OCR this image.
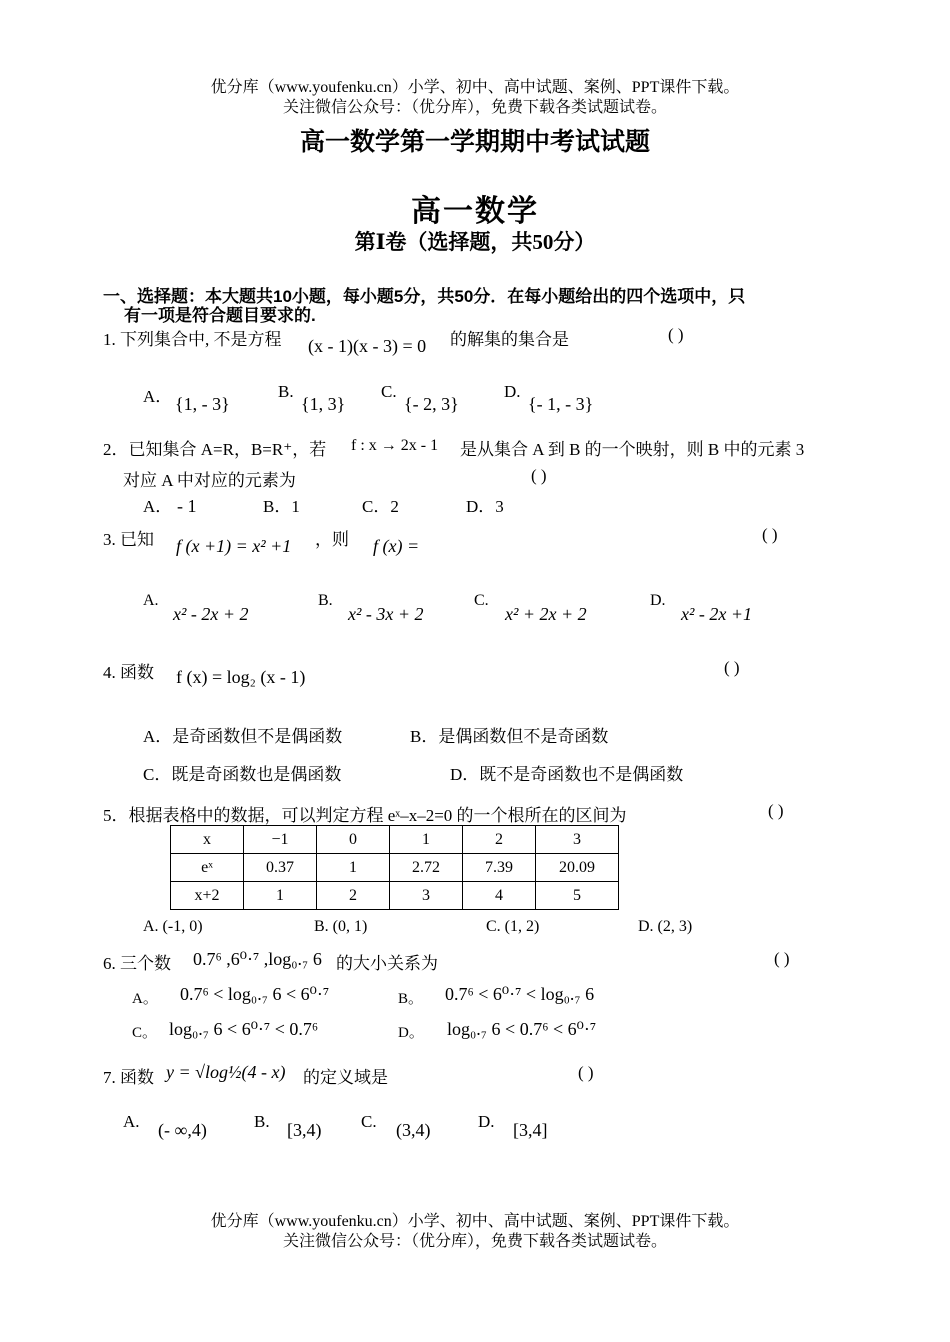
优分库（www.youfenku.cn）小学、初中、高中试题、案例、PPT课件下载。
关注微信公众号：（优分库），免费下载各类试题试卷。
高一数学第一学期期中考试试题
高一数学
第Ⅰ卷（选择题，共50分）
一、选择题：本大题共10小题，每小题5分，共50分．在每小题给出的四个选项中，只
有一项是符合题目要求的.
1. 下列集合中, 不是方程 (x - 1)(x - 3) = 0 的解集的集合是	( )
A． {1, - 3}
B.
{1, 3}
C.
{- 2, 3}
D.
{- 1, - 3}
2．已知集合 A=R，B=R⁺，若 f : x → 2x - 1 是从集合 A 到 B 的一个映射，则 B 中的元素 3
对应 A 中对应的元素为	( )
A． - 1	B．1	C．2	D．3
3. 已知 f (x +1) = x² +1 ，则 f (x) =
( )
A.
x² - 2x + 2
B.
x² - 3x + 2
C.
x² + 2x + 2
D.
x² - 2x +1
4. 函数 f (x) = log₂ (x - 1)	( )
A．是奇函数但不是偶函数	B．是偶函数但不是奇函数
C．既是奇函数也是偶函数	D．既不是奇函数也不是偶函数
5．根据表格中的数据，可以判定方程 eˣ–x–2=0 的一个根所在的区间为	( )
x	−1	0	1	2	3
eˣ	0.37	1	2.72	7.39	20.09
x+2	1	2	3	4	5
A. (-1, 0)	B. (0, 1)	C. (1, 2)	D. (2, 3)
6. 三个数 0.7⁶ ,6⁰·⁷ ,log₀.₇ 6 的大小关系为	( )
A。 0.7⁶ < log₀.₇ 6 < 6⁰·⁷	B。 0.7⁶ < 6⁰·⁷ < log₀.₇ 6
C。 log₀.₇ 6 < 6⁰·⁷ < 0.7⁶	D。 log₀.₇ 6 < 0.7⁶ < 6⁰·⁷
7. 函数 y = √log½(4 - x) 的定义域是	( )
A. (- ∞,4)	B. [3,4) C. (3,4)	D. [3,4]
优分库（www.youfenku.cn）小学、初中、高中试题、案例、PPT课件下载。
关注微信公众号：（优分库），免费下载各类试题试卷。
